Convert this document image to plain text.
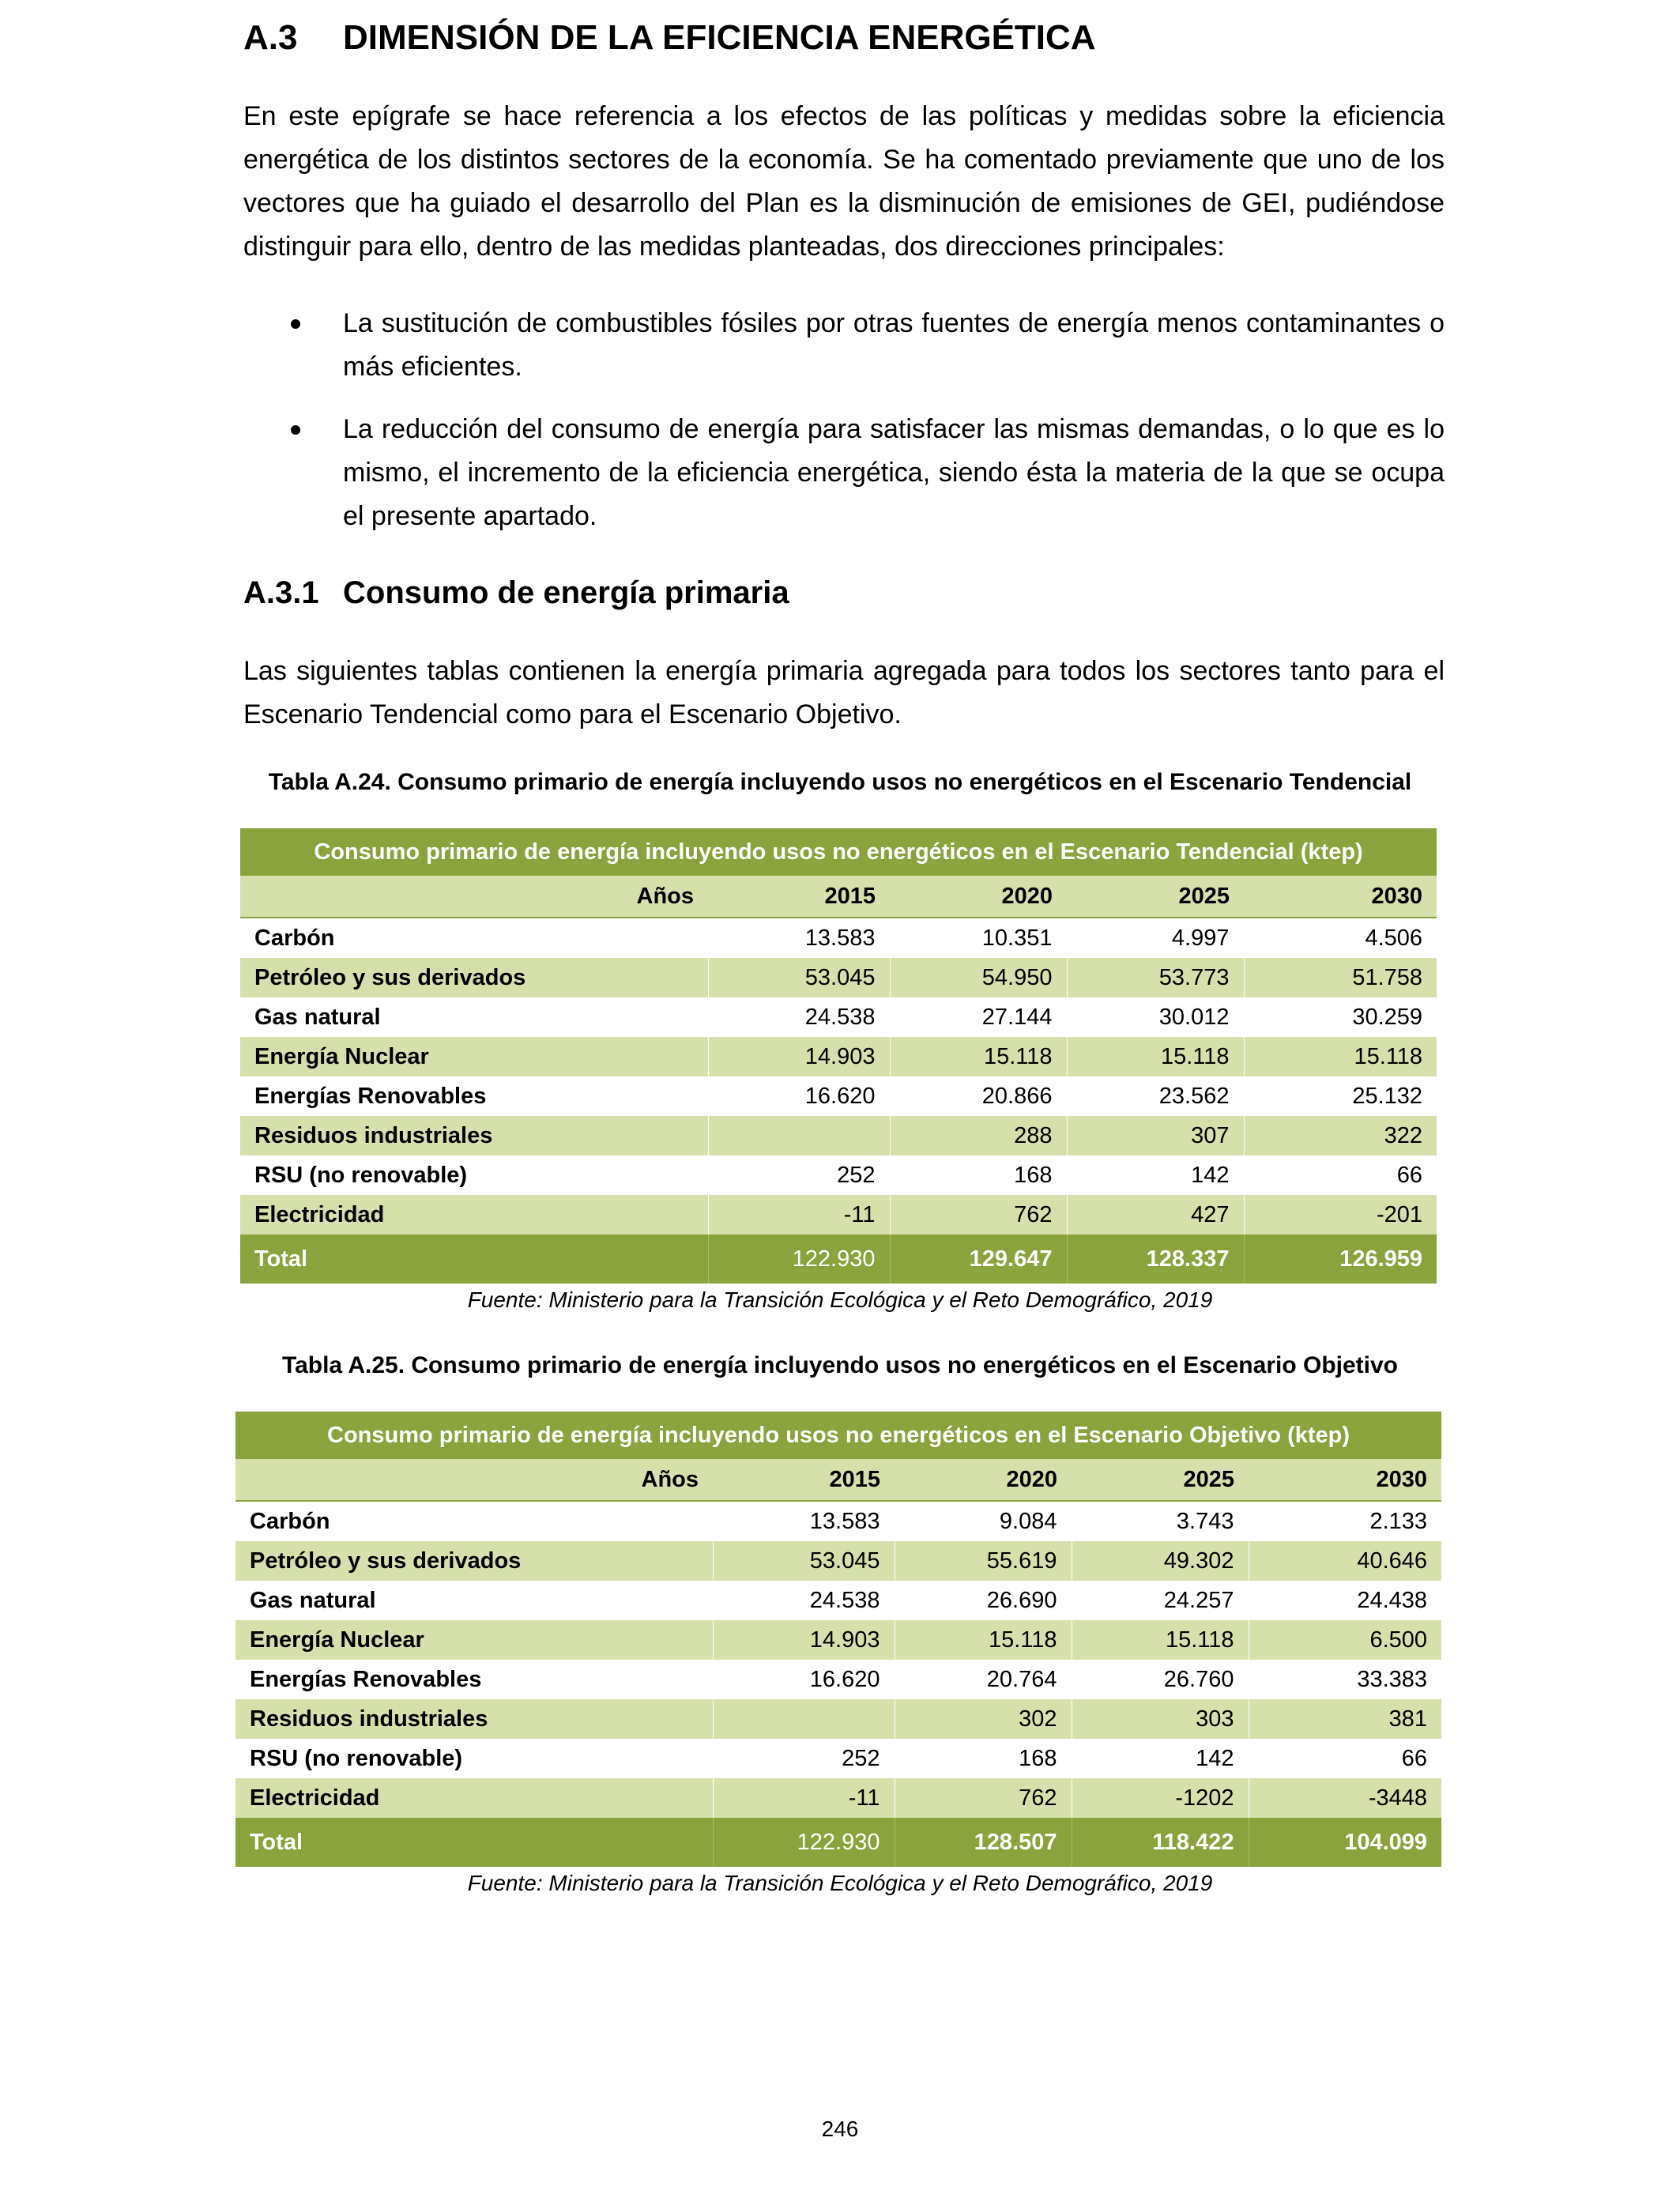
A.3 DIMENSIÓN DE LA EFICIENCIA ENERGÉTICA
En este epígrafe se hace referencia a los efectos de las políticas y medidas sobre la eficiencia energética de los distintos sectores de la economía. Se ha comentado previamente que uno de los vectores que ha guiado el desarrollo del Plan es la disminución de emisiones de GEI, pudiéndose distinguir para ello, dentro de las medidas planteadas, dos direcciones principales:
La sustitución de combustibles fósiles por otras fuentes de energía menos contaminantes o más eficientes.
La reducción del consumo de energía para satisfacer las mismas demandas, o lo que es lo mismo, el incremento de la eficiencia energética, siendo ésta la materia de la que se ocupa el presente apartado.
A.3.1 Consumo de energía primaria
Las siguientes tablas contienen la energía primaria agregada para todos los sectores tanto para el Escenario Tendencial como para el Escenario Objetivo.
Tabla A.24. Consumo primario de energía incluyendo usos no energéticos en el Escenario Tendencial
Consumo primario de energía incluyendo usos no energéticos en el Escenario Tendencial (ktep)				
Años	2015	2020	2025	2030
Carbón	13.583	10.351	4.997	4.506
Petróleo y sus derivados	53.045	54.950	53.773	51.758
Gas natural	24.538	27.144	30.012	30.259
Energía Nuclear	14.903	15.118	15.118	15.118
Energías Renovables	16.620	20.866	23.562	25.132
Residuos industriales		288	307	322
RSU (no renovable)	252	168	142	66
Electricidad	-11	762	427	-201
Total	122.930	129.647	128.337	126.959
Fuente: Ministerio para la Transición Ecológica y el Reto Demográfico, 2019
Tabla A.25. Consumo primario de energía incluyendo usos no energéticos en el Escenario Objetivo
Consumo primario de energía incluyendo usos no energéticos en el Escenario Objetivo (ktep)				
Años	2015	2020	2025	2030
Carbón	13.583	9.084	3.743	2.133
Petróleo y sus derivados	53.045	55.619	49.302	40.646
Gas natural	24.538	26.690	24.257	24.438
Energía Nuclear	14.903	15.118	15.118	6.500
Energías Renovables	16.620	20.764	26.760	33.383
Residuos industriales		302	303	381
RSU (no renovable)	252	168	142	66
Electricidad	-11	762	-1202	-3448
Total	122.930	128.507	118.422	104.099
Fuente: Ministerio para la Transición Ecológica y el Reto Demográfico, 2019
246
